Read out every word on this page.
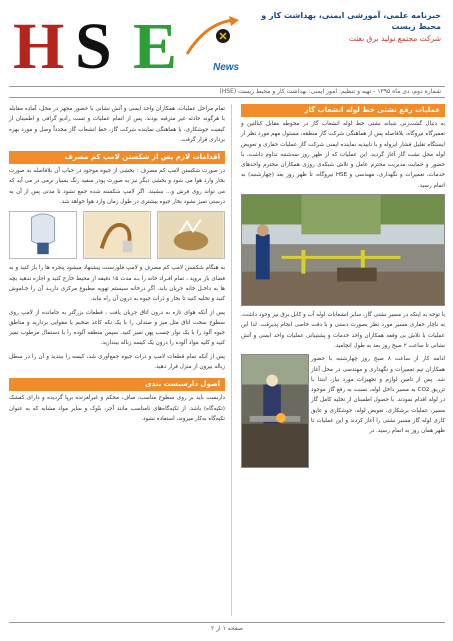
H S E	News
خبرنامه علمی، آموزشی ایمنی، بهداشت کار و محیط زیست
شرکت مجتمع تولید برق بعثت
شماره دوم، دی ماه ۱۳۹۵ - تهیه و تنظیم: امور ایمنی، بهداشت کار و محیط زیست (HSE)
عملیات رفع نشتی خط لوله انشعاب گاز

به دنبال گشت‌زنی شبانه نشتی خط لوله انشعاب گاز در محوطه مقابل کنالتین و تعمیرگاه نیروگاه، بلافاصله پس از هماهنگی شرکت گاز منطقه، مسئول مهم مورد نظر از ایستگاه تقلیل فشار ایزوله و با تاییدیه نماینده ایمنی شرکت گاز عملیات حفاری و تعویض لوله محل نشت گاز آغاز گردید. این عملیات که از ظهر روز سه‌شنبه تداوم داشت، با حضور و حمایت مدیریت محترم عامل و تلاش شبکه‌ی روزی همکاران محترم واحدهای خدمات، تعمیرات و نگهداری، مهندسی و HSE نیروگاه، تا ظهر روز بعد (چهارشنبه) به اتمام رسید.

با توجه به اینکه در مسیر نشتی گاز، سایر انشعابات لوله آب و کابل برق نیز وجود داشت، به ناچار حفاری مسیر مورد نظر بصورت دستی و با دقت خاصی انجام پذیرفت. لذا این عملیات با تلاش بی وقفه همکاران واحد خدمات و پشتیبانی عملیات واحد ایمنی و آتش نشانی تا ساعت ۲ صبح روز بعد به‌ طول انجامید.

ادامه کار از ساعت ۸ صبح روز چهارشنبه با حضور همکاران تیم تعمیرات و نگهداری و مهندسی در محل آغاز شد. پس از تامین لوازم و تجهیزات مورد نیاز، ابتدا با تزریق CO2 به مسیر داخل لوله، نسبت به رفع گاز موجود در لوله اقدام نمودند. با حصول اطمینان از تخلیه کامل گاز مسیر، عملیات برشکاری، تعویض لوله، جوشکاری و عایق کاری لوله گاز مسیر نشتی را آغاز کردند و این عملیات تا ظهر همان روز به اتمام رسید. در

تمام مراحل عملیات، همکاران واحد ایمنی و آتش نشانی با حضور مجهز در محل، آماده مقابله با هرگونه حادثه غیر مترقبه بودند. پس از اتمام عملیات و تست رادیو گرافی و اطمینان از کیفیت جوشکاری، با هماهنگی نماینده شرکت گاز، خط انشعاب گاز مجدداً وصل و مورد بهره برداری قرار گرفت.

اقدامات لازم پس از شکستن لامپ کم مصرف

در صورت شکستن لامپ کم مصرف : بخشی از جیوه موجود در حباب آن بلافاصله به صورت بخار وارد هوا می شود و بخشی دیگر نیز به صورت پودر سفید رنگ بسیار نرمی در می آید که می تواند روی فرش و... بنشیند. اگر لامپ شکسته شده جمع نشود تا مدتی پس از آن به درستی تمیز نشود بخار جیوه بیشتری در طول زمان وارد هوا خواهد شد.

به هنگام شکستن لامپ کم مصرف و لامپ فلورسنت پیشنهاد میشود پنجره ها را باز کنید و به فضای باز بروید ، تمام افـراد خانه را بـه مدت ۱۵ دقیقه از محیط خارج کنید و اجازه ندهید بچه ها به داخـل خانه جریان یابد. اگر درخانه سیستم تهویه مطبوع مرکزی داریـد آن را خـاموش کنید و تخلیه کنید تا بخار و ذرات جیوه به درون آن راه نیابد.

پس از آنکه هوای تازه به درون اتاق جریان یافت ، قطعات بزرگتر به جامانده از لامپ روی سطوح سخت اتاق مثل میز و صندلی را با یک تکه کاغذ ضخیم یا مقوایی بردارید و مناطق جیوه آلود را با یک نوار چسب پهن تمیز کنید. سپس منطقه آلوده را با دستمال مرطوب تمیز کنید و کلیه مواد آلوده را درون یک کیسه زباله بیندازید.

پس از آنکه تمام قطعات لامپ و ذرات جیوه جمع‌آوری شد، کیسه را ببندید و آن را در سطل زباله بیرون از منزل قرار دهید.

اصول دارسبست بندی

داربست باید بر روی سطوح مناسب، صاف، محکم و غیرلغزنده برپا گردیده و دارای کفشک (تکیه‌گاه) باشد. از تکیه‌گاه‌های نامناسب مانند آجر، بلوک و سایر مواد مشابه که به عنوان تکیه‌گاه به‌کار میروند، استفاده نشود.

صفحه ۱ از ۲
